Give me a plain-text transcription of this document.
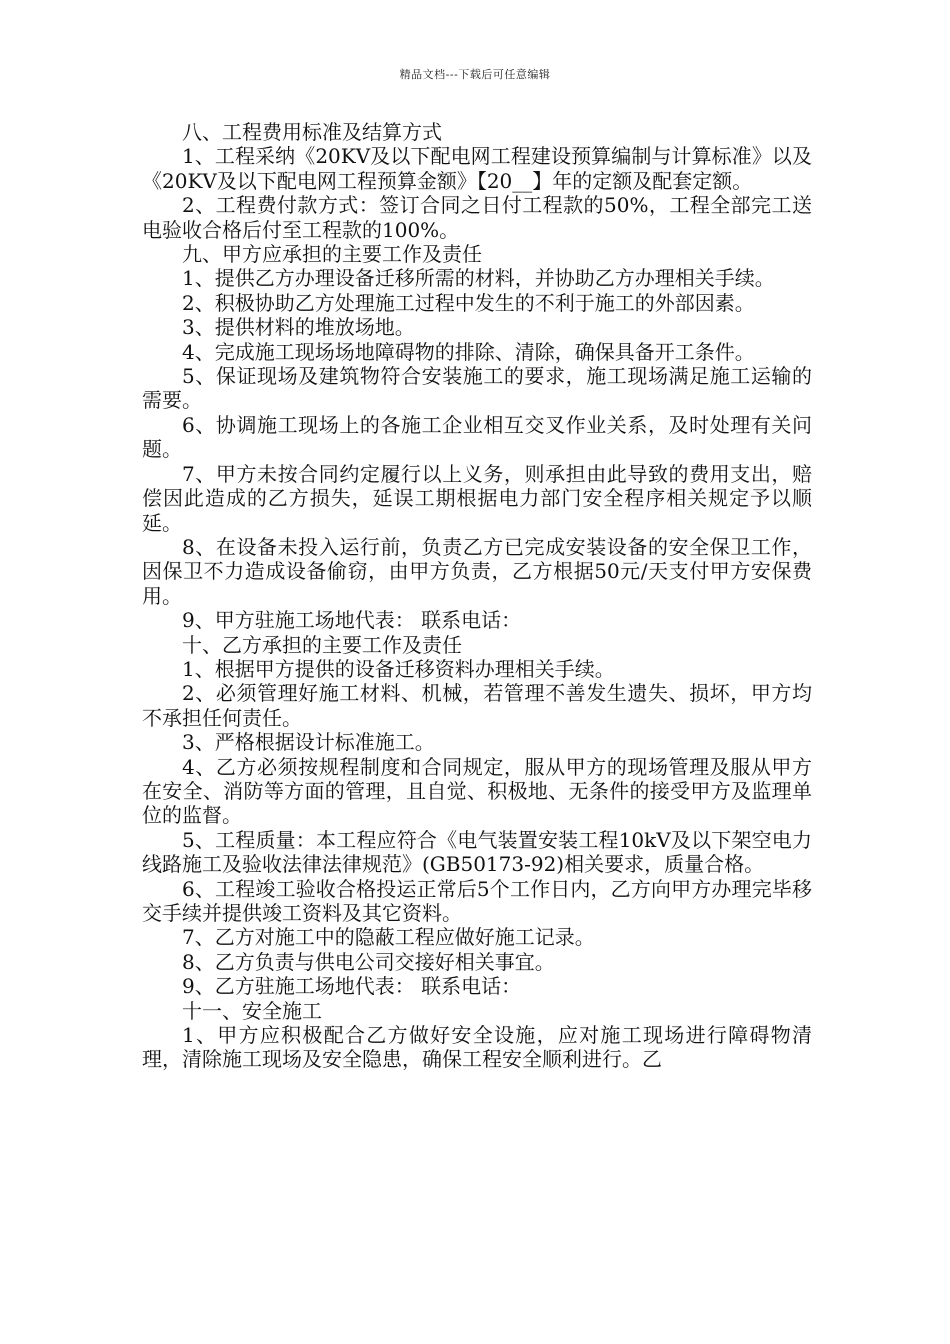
精品文档---下载后可任意编辑

八、工程费用标准及结算方式

1、工程采纳《20KV及以下配电网工程建设预算编制与计算标准》以及《20KV及以下配电网工程预算金额》【20__】年的定额及配套定额。

2、工程费付款方式：签订合同之日付工程款的50%，工程全部完工送电验收合格后付至工程款的100%。

九、甲方应承担的主要工作及责任

1、提供乙方办理设备迁移所需的材料，并协助乙方办理相关手续。

2、积极协助乙方处理施工过程中发生的不利于施工的外部因素。

3、提供材料的堆放场地。

4、完成施工现场场地障碍物的排除、清除，确保具备开工条件。

5、保证现场及建筑物符合安装施工的要求，施工现场满足施工运输的需要。

6、协调施工现场上的各施工企业相互交叉作业关系，及时处理有关问题。

7、甲方未按合同约定履行以上义务，则承担由此导致的费用支出，赔偿因此造成的乙方损失，延误工期根据电力部门安全程序相关规定予以顺延。

8、在设备未投入运行前，负责乙方已完成安装设备的安全保卫工作，因保卫不力造成设备偷窃，由甲方负责，乙方根据50元/天支付甲方安保费用。

9、甲方驻施工场地代表： 联系电话：

十、乙方承担的主要工作及责任

1、根据甲方提供的设备迁移资料办理相关手续。

2、必须管理好施工材料、机械，若管理不善发生遗失、损坏，甲方均不承担任何责任。

3、严格根据设计标准施工。

4、乙方必须按规程制度和合同规定，服从甲方的现场管理及服从甲方在安全、消防等方面的管理，且自觉、积极地、无条件的接受甲方及监理单位的监督。

5、工程质量：本工程应符合《电气装置安装工程10kV及以下架空电力线路施工及验收法律法律规范》(GB50173-92)相关要求，质量合格。

6、工程竣工验收合格投运正常后5个工作日内，乙方向甲方办理完毕移交手续并提供竣工资料及其它资料。

7、乙方对施工中的隐蔽工程应做好施工记录。

8、乙方负责与供电公司交接好相关事宜。

9、乙方驻施工场地代表： 联系电话：

十一、安全施工

1、甲方应积极配合乙方做好安全设施，应对施工现场进行障碍物清理，清除施工现场及安全隐患，确保工程安全顺利进行。乙
